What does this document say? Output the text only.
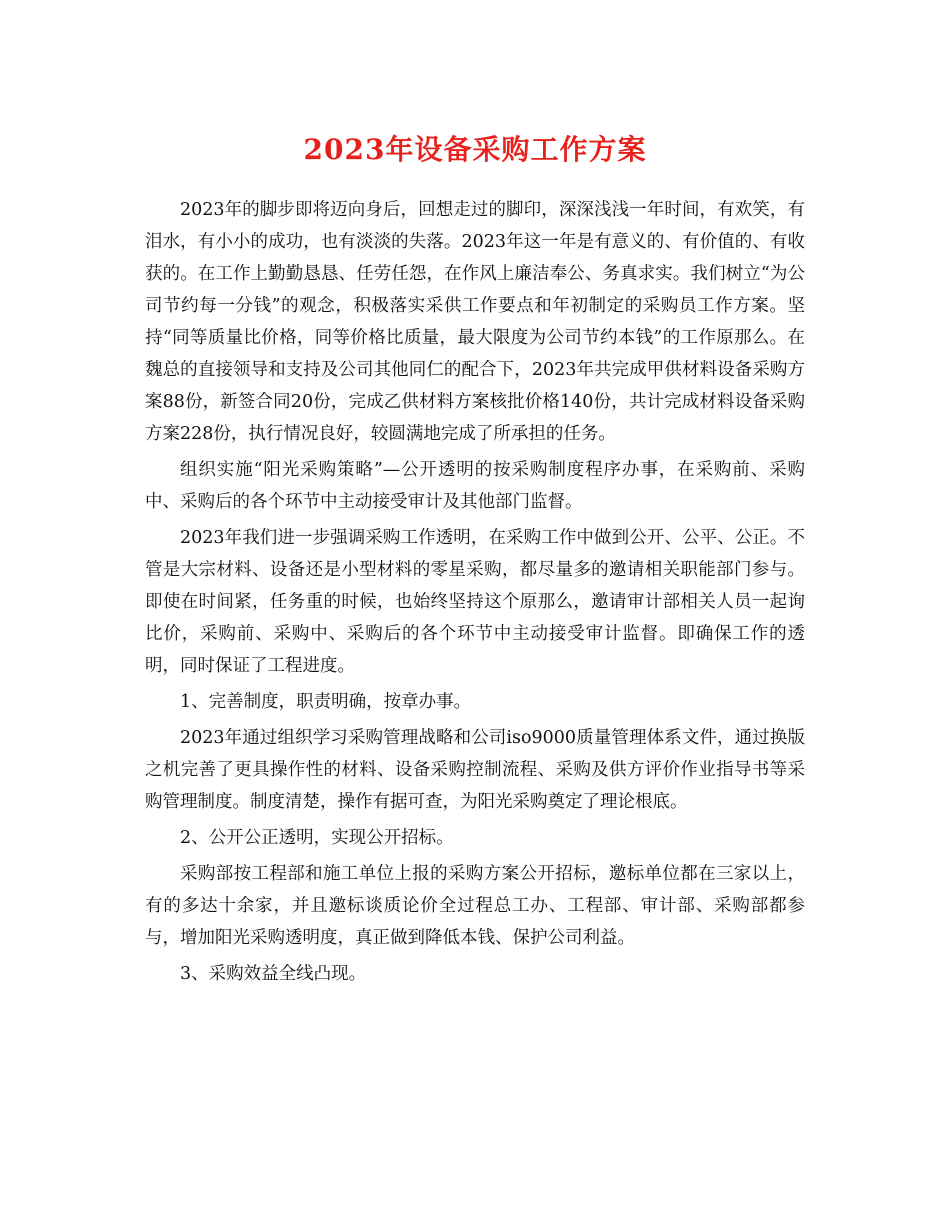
2023年设备采购工作方案

2023年的脚步即将迈向身后，回想走过的脚印，深深浅浅一年时间，有欢笑，有泪水，有小小的成功，也有淡淡的失落。2023年这一年是有意义的、有价值的、有收获的。在工作上勤勤恳恳、任劳任怨，在作风上廉洁奉公、务真求实。我们树立“为公司节约每一分钱”的观念，积极落实采供工作要点和年初制定的采购员工作方案。坚持“同等质量比价格，同等价格比质量，最大限度为公司节约本钱”的工作原那么。在魏总的直接领导和支持及公司其他同仁的配合下，2023年共完成甲供材料设备采购方案88份，新签合同20份，完成乙供材料方案核批价格140份，共计完成材料设备采购方案228份，执行情况良好，较圆满地完成了所承担的任务。

组织实施“阳光采购策略”—公开透明的按采购制度程序办事，在采购前、采购中、采购后的各个环节中主动接受审计及其他部门监督。

2023年我们进一步强调采购工作透明，在采购工作中做到公开、公平、公正。不管是大宗材料、设备还是小型材料的零星采购，都尽量多的邀请相关职能部门参与。即使在时间紧，任务重的时候，也始终坚持这个原那么，邀请审计部相关人员一起询比价，采购前、采购中、采购后的各个环节中主动接受审计监督。即确保工作的透明，同时保证了工程进度。

1、完善制度，职责明确，按章办事。

2023年通过组织学习采购管理战略和公司iso9000质量管理体系文件，通过换版之机完善了更具操作性的材料、设备采购控制流程、采购及供方评价作业指导书等采购管理制度。制度清楚，操作有据可查，为阳光采购奠定了理论根底。

2、公开公正透明，实现公开招标。

采购部按工程部和施工单位上报的采购方案公开招标，邀标单位都在三家以上，有的多达十余家，并且邀标谈质论价全过程总工办、工程部、审计部、采购部都参与，增加阳光采购透明度，真正做到降低本钱、保护公司利益。

3、采购效益全线凸现。
